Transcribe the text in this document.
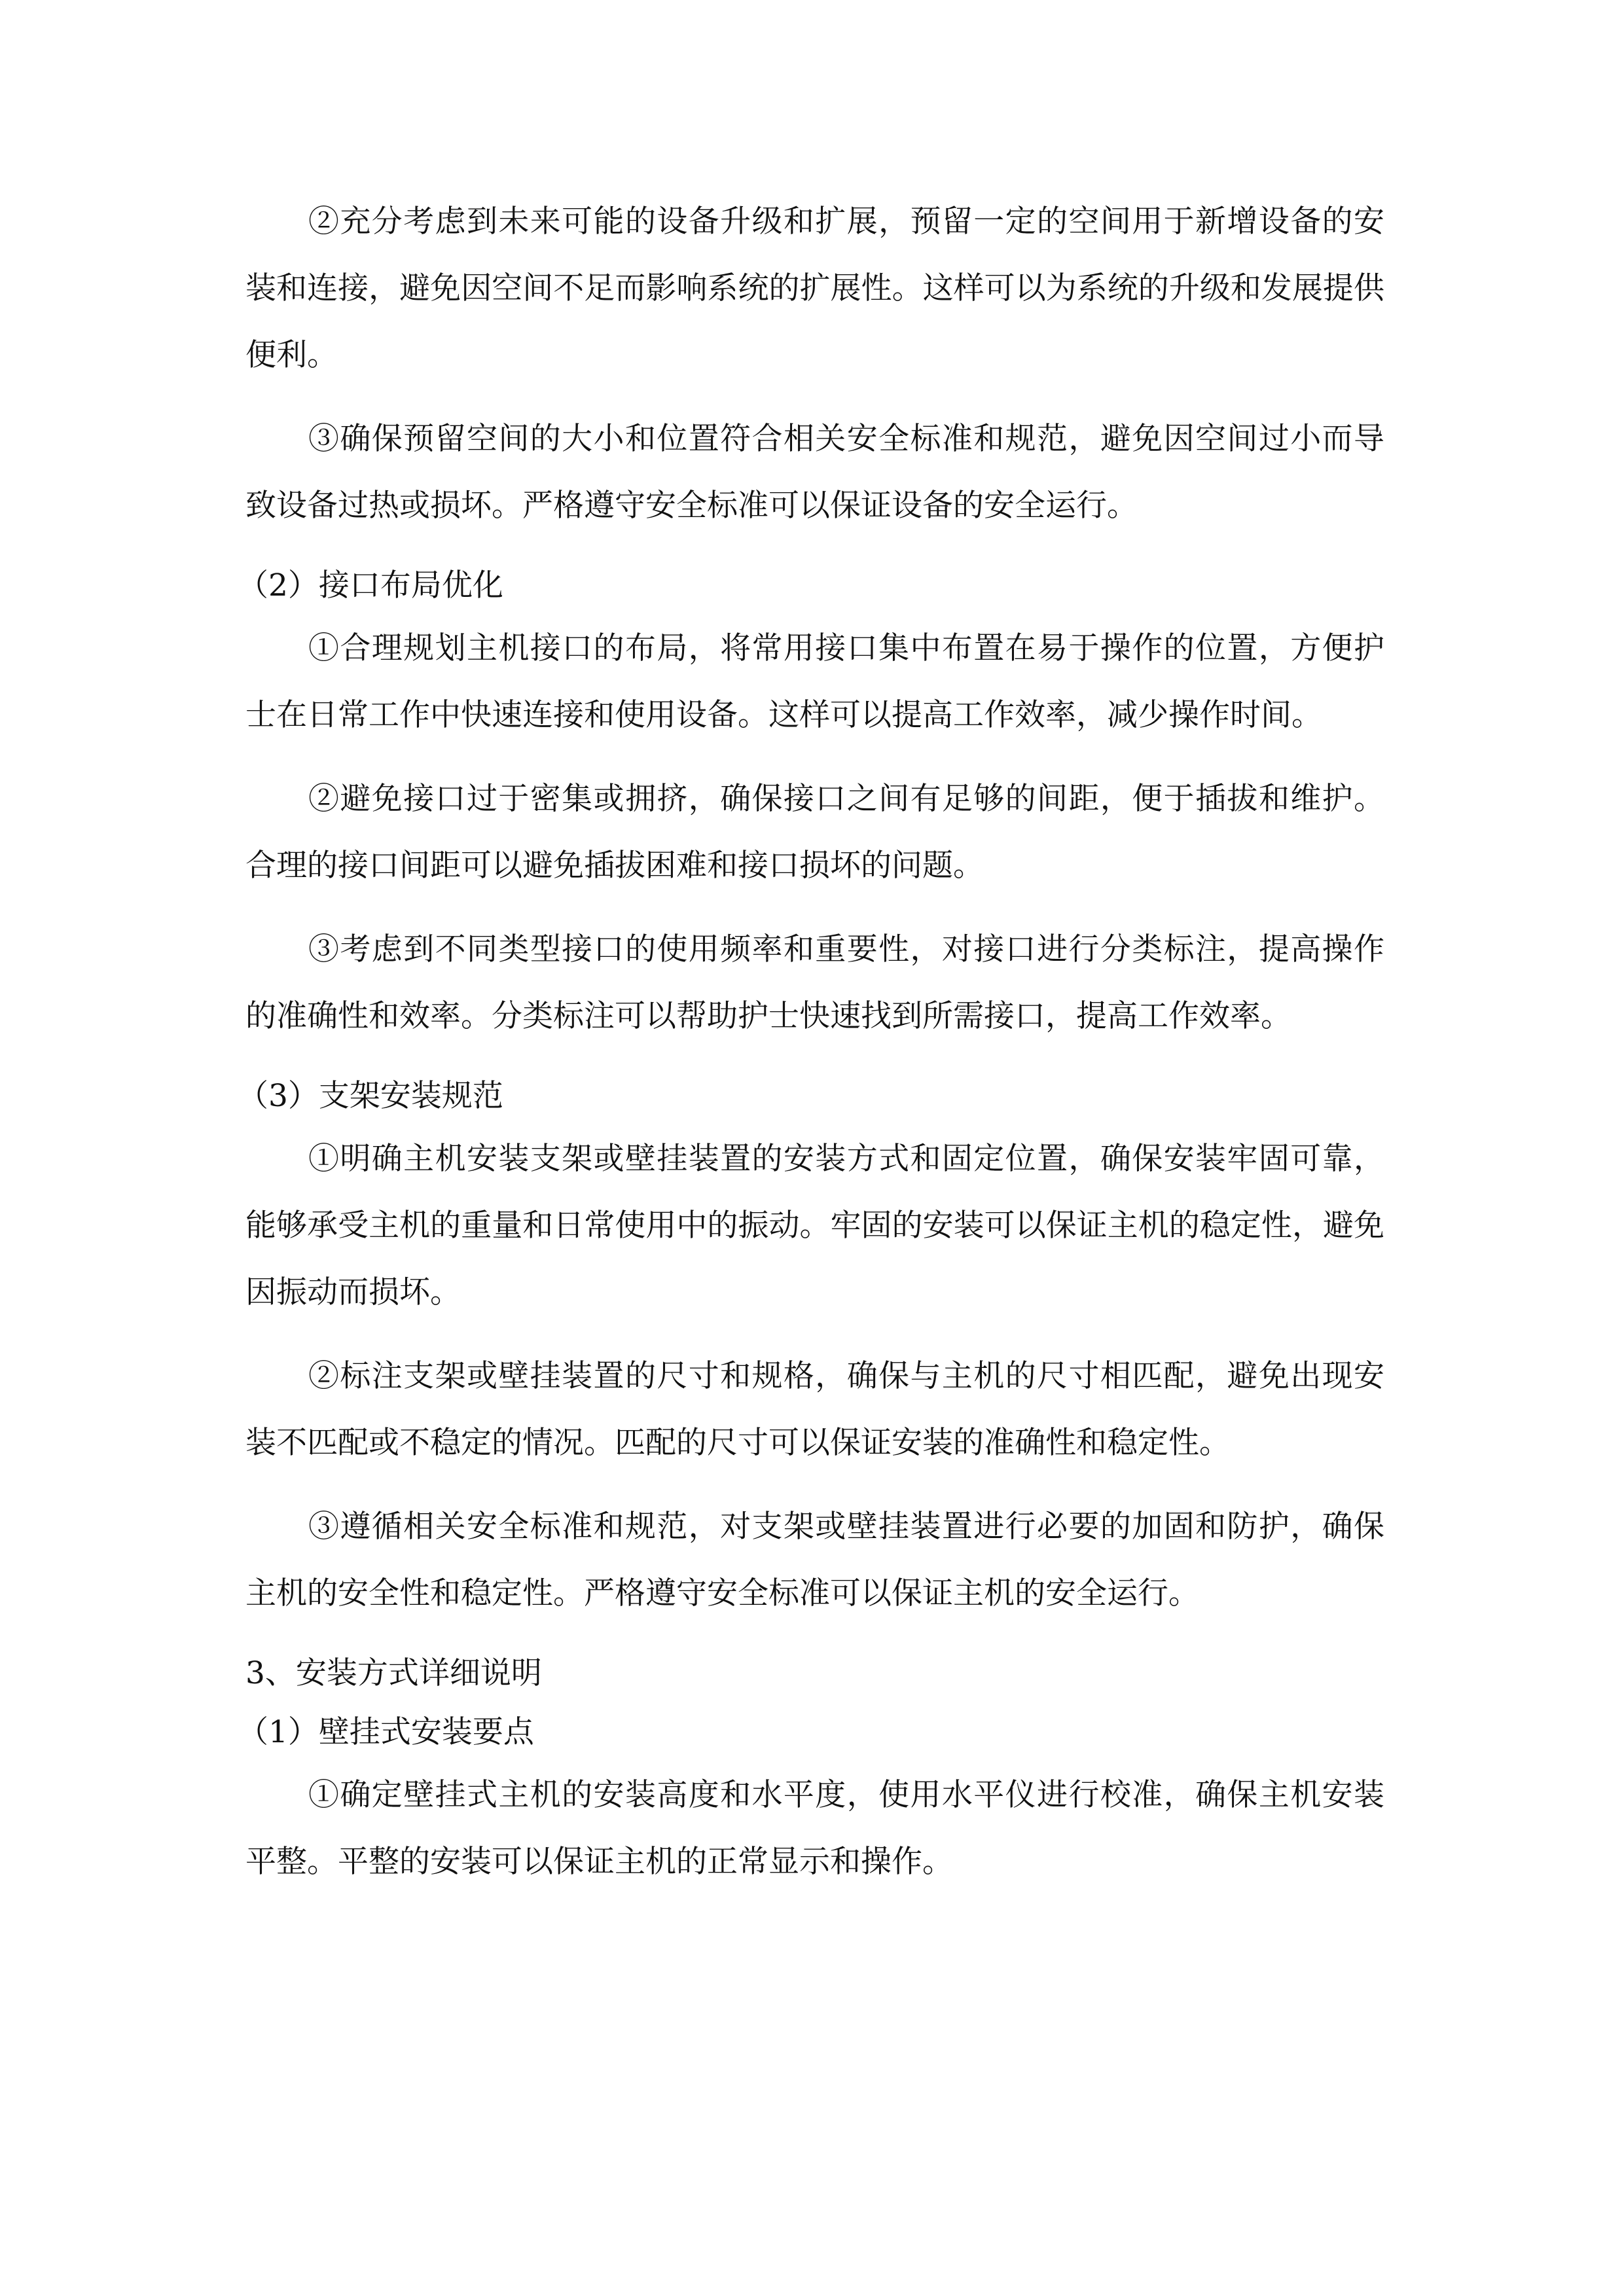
②充分考虑到未来可能的设备升级和扩展，预留一定的空间用于新增设备的安装和连接，避免因空间不足而影响系统的扩展性。这样可以为系统的升级和发展提供便利。

③确保预留空间的大小和位置符合相关安全标准和规范，避免因空间过小而导致设备过热或损坏。严格遵守安全标准可以保证设备的安全运行。

（2）接口布局优化

①合理规划主机接口的布局，将常用接口集中布置在易于操作的位置，方便护士在日常工作中快速连接和使用设备。这样可以提高工作效率，减少操作时间。

②避免接口过于密集或拥挤，确保接口之间有足够的间距，便于插拔和维护。合理的接口间距可以避免插拔困难和接口损坏的问题。

③考虑到不同类型接口的使用频率和重要性，对接口进行分类标注，提高操作的准确性和效率。分类标注可以帮助护士快速找到所需接口，提高工作效率。

（3）支架安装规范

①明确主机安装支架或壁挂装置的安装方式和固定位置，确保安装牢固可靠，能够承受主机的重量和日常使用中的振动。牢固的安装可以保证主机的稳定性，避免因振动而损坏。

②标注支架或壁挂装置的尺寸和规格，确保与主机的尺寸相匹配，避免出现安装不匹配或不稳定的情况。匹配的尺寸可以保证安装的准确性和稳定性。

③遵循相关安全标准和规范，对支架或壁挂装置进行必要的加固和防护，确保主机的安全性和稳定性。严格遵守安全标准可以保证主机的安全运行。

3、安装方式详细说明

（1）壁挂式安装要点

①确定壁挂式主机的安装高度和水平度，使用水平仪进行校准，确保主机安装平整。平整的安装可以保证主机的正常显示和操作。
